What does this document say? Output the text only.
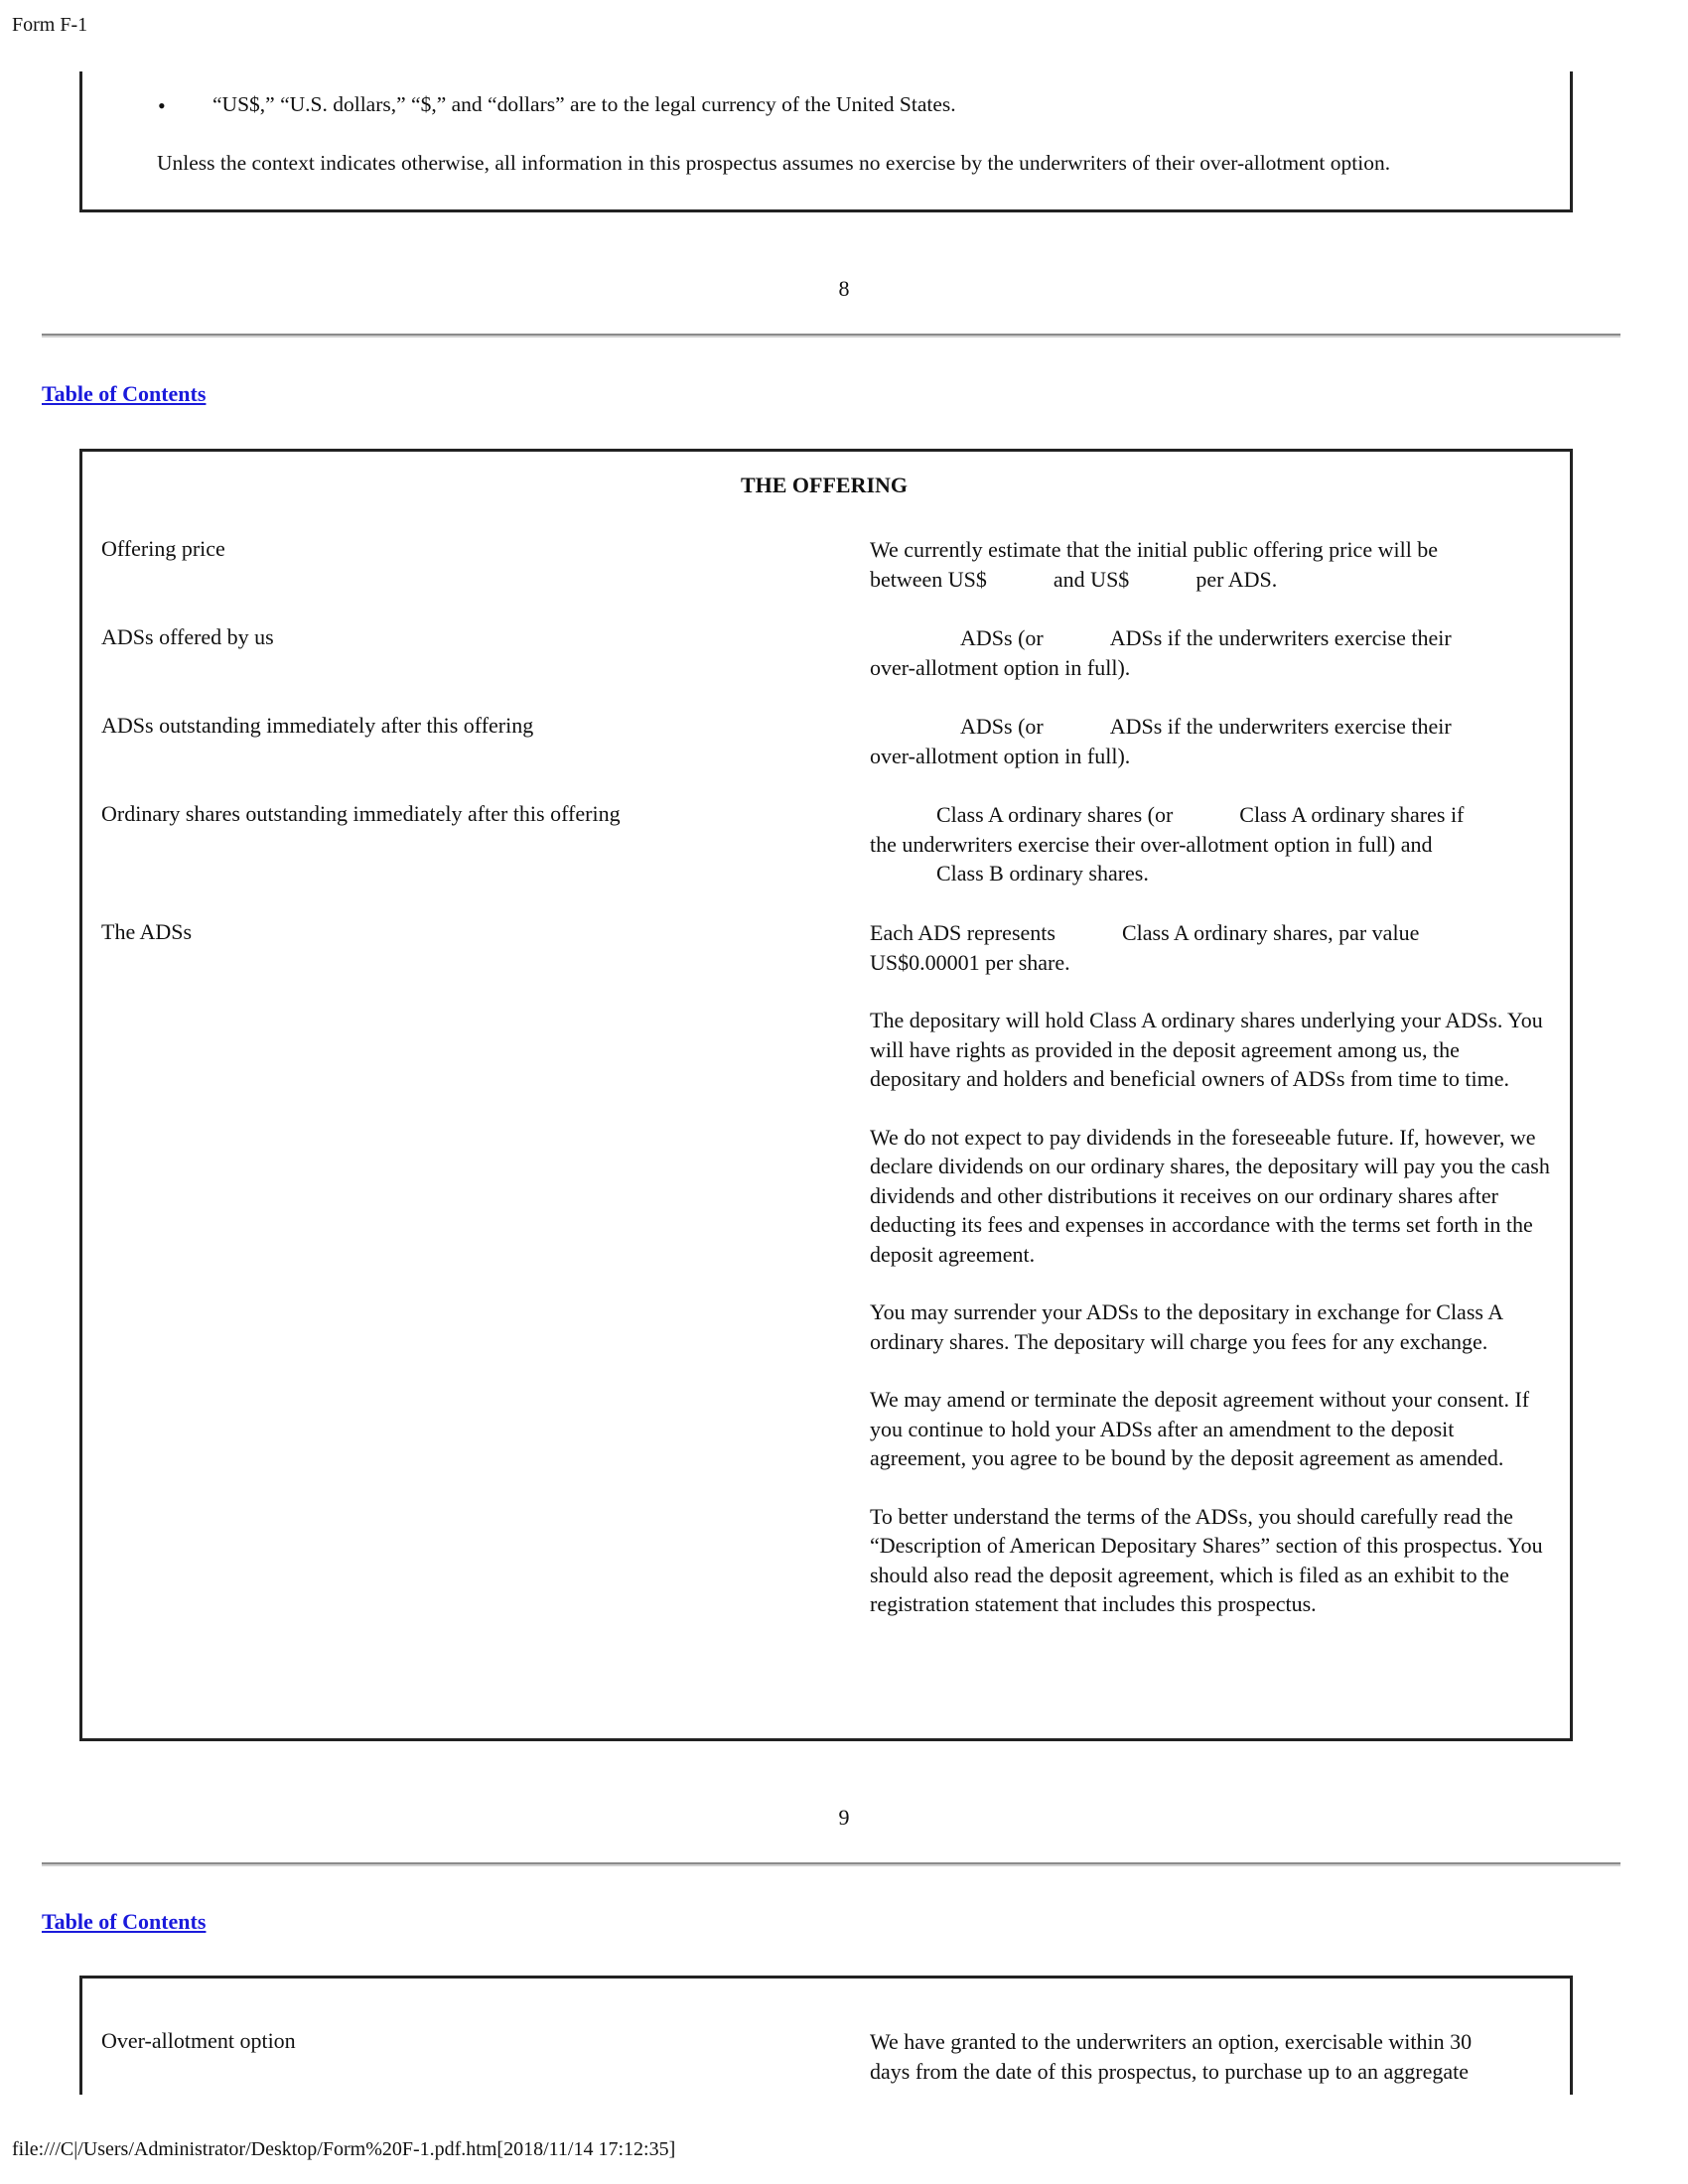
Form F-1
• “US$,” “U.S. dollars,” “$,” and “dollars” are to the legal currency of the United States.
Unless the context indicates otherwise, all information in this prospectus assumes no exercise by the underwriters of their over-allotment option.
8
Table of Contents
THE OFFERING
Offering price	We currently estimate that the initial public offering price will be
between US$	and US$	per ADS.
ADSs offered by us	ADSs (or	ADSs if the underwriters exercise their
over-allotment option in full).
ADSs outstanding immediately after this offering	ADSs (or	ADSs if the underwriters exercise their
over-allotment option in full).
Ordinary shares outstanding immediately after this offering	Class A ordinary shares (or	Class A ordinary shares if
the underwriters exercise their over-allotment option in full) and
Class B ordinary shares.
The ADSs	Each ADS represents	Class A ordinary shares, par value
US$0.00001 per share.

The depositary will hold Class A ordinary shares underlying your ADSs. You will have rights as provided in the deposit agreement among us, the depositary and holders and beneficial owners of ADSs from time to time.

We do not expect to pay dividends in the foreseeable future. If, however, we declare dividends on our ordinary shares, the depositary will pay you the cash dividends and other distributions it receives on our ordinary shares after deducting its fees and expenses in accordance with the terms set forth in the deposit agreement.

You may surrender your ADSs to the depositary in exchange for Class A ordinary shares. The depositary will charge you fees for any exchange.

We may amend or terminate the deposit agreement without your consent. If you continue to hold your ADSs after an amendment to the deposit agreement, you agree to be bound by the deposit agreement as amended.

To better understand the terms of the ADSs, you should carefully read the “Description of American Depositary Shares” section of this prospectus. You should also read the deposit agreement, which is filed as an exhibit to the registration statement that includes this prospectus.

9
Table of Contents
Over-allotment option	We have granted to the underwriters an option, exercisable within 30
days from the date of this prospectus, to purchase up to an aggregate
file:///C|/Users/Administrator/Desktop/Form%20F-1.pdf.htm[2018/11/14 17:12:35]
